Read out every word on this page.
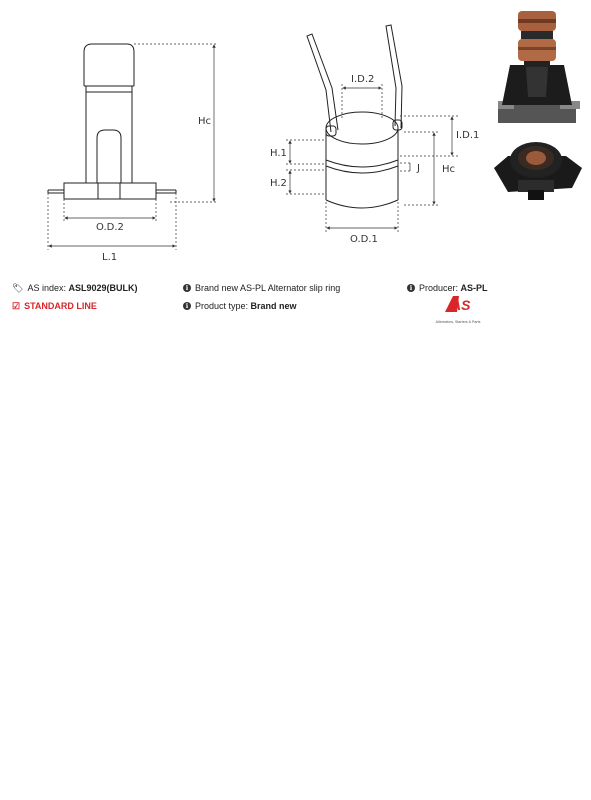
Hc
O.D.2
L.1
I.D.2
I.D.1
H.1
H.2
J Hc
O.D.1
🏷︎ AS index:
ASL9029(BULK)	i Brand new AS-PL Alternator slip ring	i Producer:
AS-PL
☑ STANDARD LINE	i Product type:
Brand new	AS
Alternators, Starters & Parts
